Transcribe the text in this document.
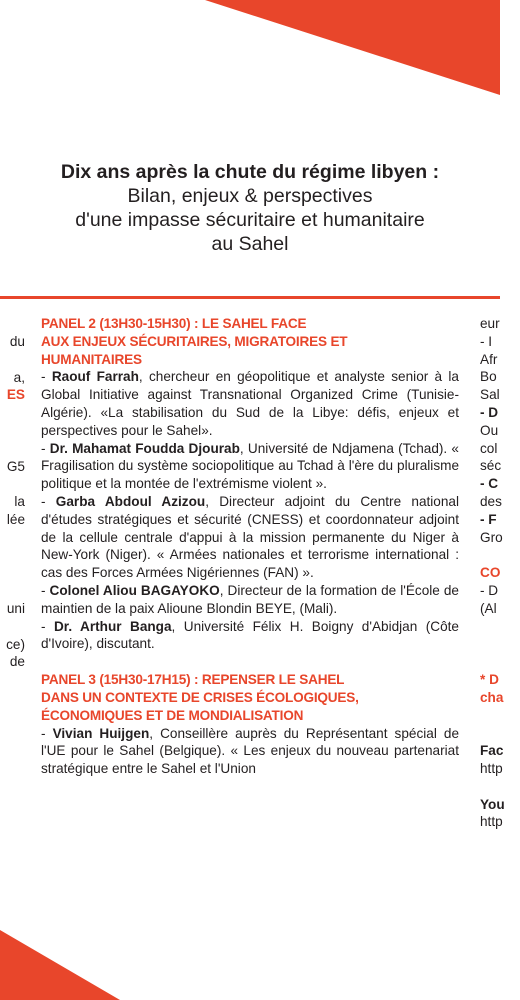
Dix ans après la chute du régime libyen :
Bilan, enjeux & perspectives
d'une impasse sécuritaire et humanitaire
au Sahel
du
a,
ES
G5
la
lée
uni
ce)
de
PANEL 2 (13H30-15H30) : LE SAHEL FACE
AUX ENJEUX SÉCURITAIRES, MIGRATOIRES ET
HUMANITAIRES

- Raouf Farrah, chercheur en géopolitique et analyste senior à la Global Initiative against Transnational Organized Crime (Tunisie-Algérie). «La stabilisation du Sud de la Libye: défis, enjeux et perspectives pour le Sahel».

- Dr. Mahamat Foudda Djourab, Université de Ndjamena (Tchad). « Fragilisation du système sociopolitique au Tchad à l'ère du pluralisme politique et la montée de l'extrémisme violent ».

- Garba Abdoul Azizou, Directeur adjoint du Centre national d'études stratégiques et sécurité (CNESS) et coordonnateur adjoint de la cellule centrale d'appui à la mission permanente du Niger à New-York (Niger). « Armées nationales et terrorisme international : cas des Forces Armées Nigériennes (FAN) ».

- Colonel Aliou BAGAYOKO, Directeur de la formation de l'École de maintien de la paix Alioune Blondin BEYE, (Mali).

- Dr. Arthur Banga, Université Félix H. Boigny d'Abidjan (Côte d'Ivoire), discutant.

PANEL 3 (15H30-17H15) : REPENSER LE SAHEL
DANS UN CONTEXTE DE CRISES ÉCOLOGIQUES,
ÉCONOMIQUES ET DE MONDIALISATION

- Vivian Huijgen, Conseillère auprès du Représentant spécial de l'UE pour le Sahel (Belgique). « Les enjeux du nouveau partenariat stratégique entre le Sahel et l'Union

eur
- I
Afr
Bo
Sal
- D
Ou
col
séc
- C
des
- F
Gro
CO
- D
(Al
* D
cha
Fac
http
You
http
